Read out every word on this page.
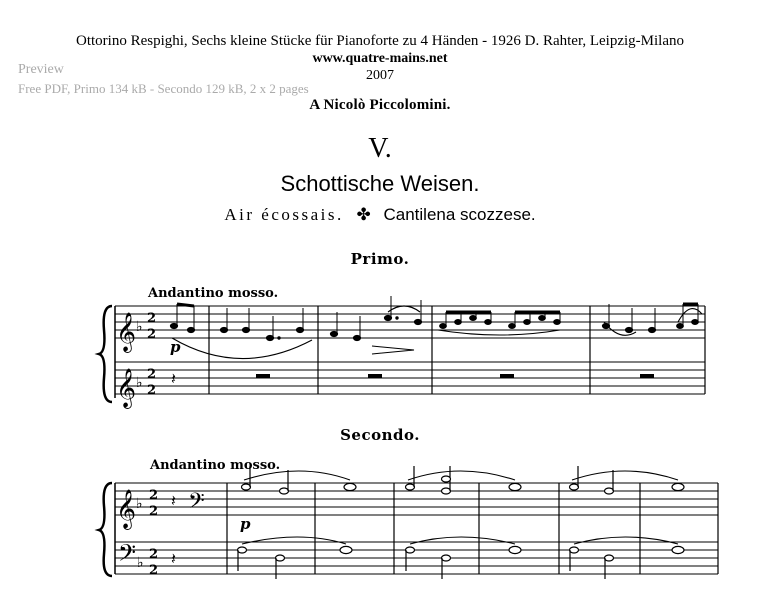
Ottorino Respighi, Sechs kleine Stücke für Pianoforte zu 4 Händen - 1926 D. Rahter, Leipzig-Milano
www.quatre-mains.net
2007
Preview
Free PDF, Primo 134 kB - Secondo 129 kB, 2 x 2 pages
A Nicolò Piccolomini.
V.
Schottische Weisen.
Air écossais.   ✤   Cantilena scozzese.
Primo.
Andantino mosso.
Secondo.
Andantino mosso.
𝄞
𝄞
♭
♭
2
2
2
2
𝄽
p
𝄞
𝄢
♭
♭
2
2
2
2
𝄽
𝄽
𝄢
p
